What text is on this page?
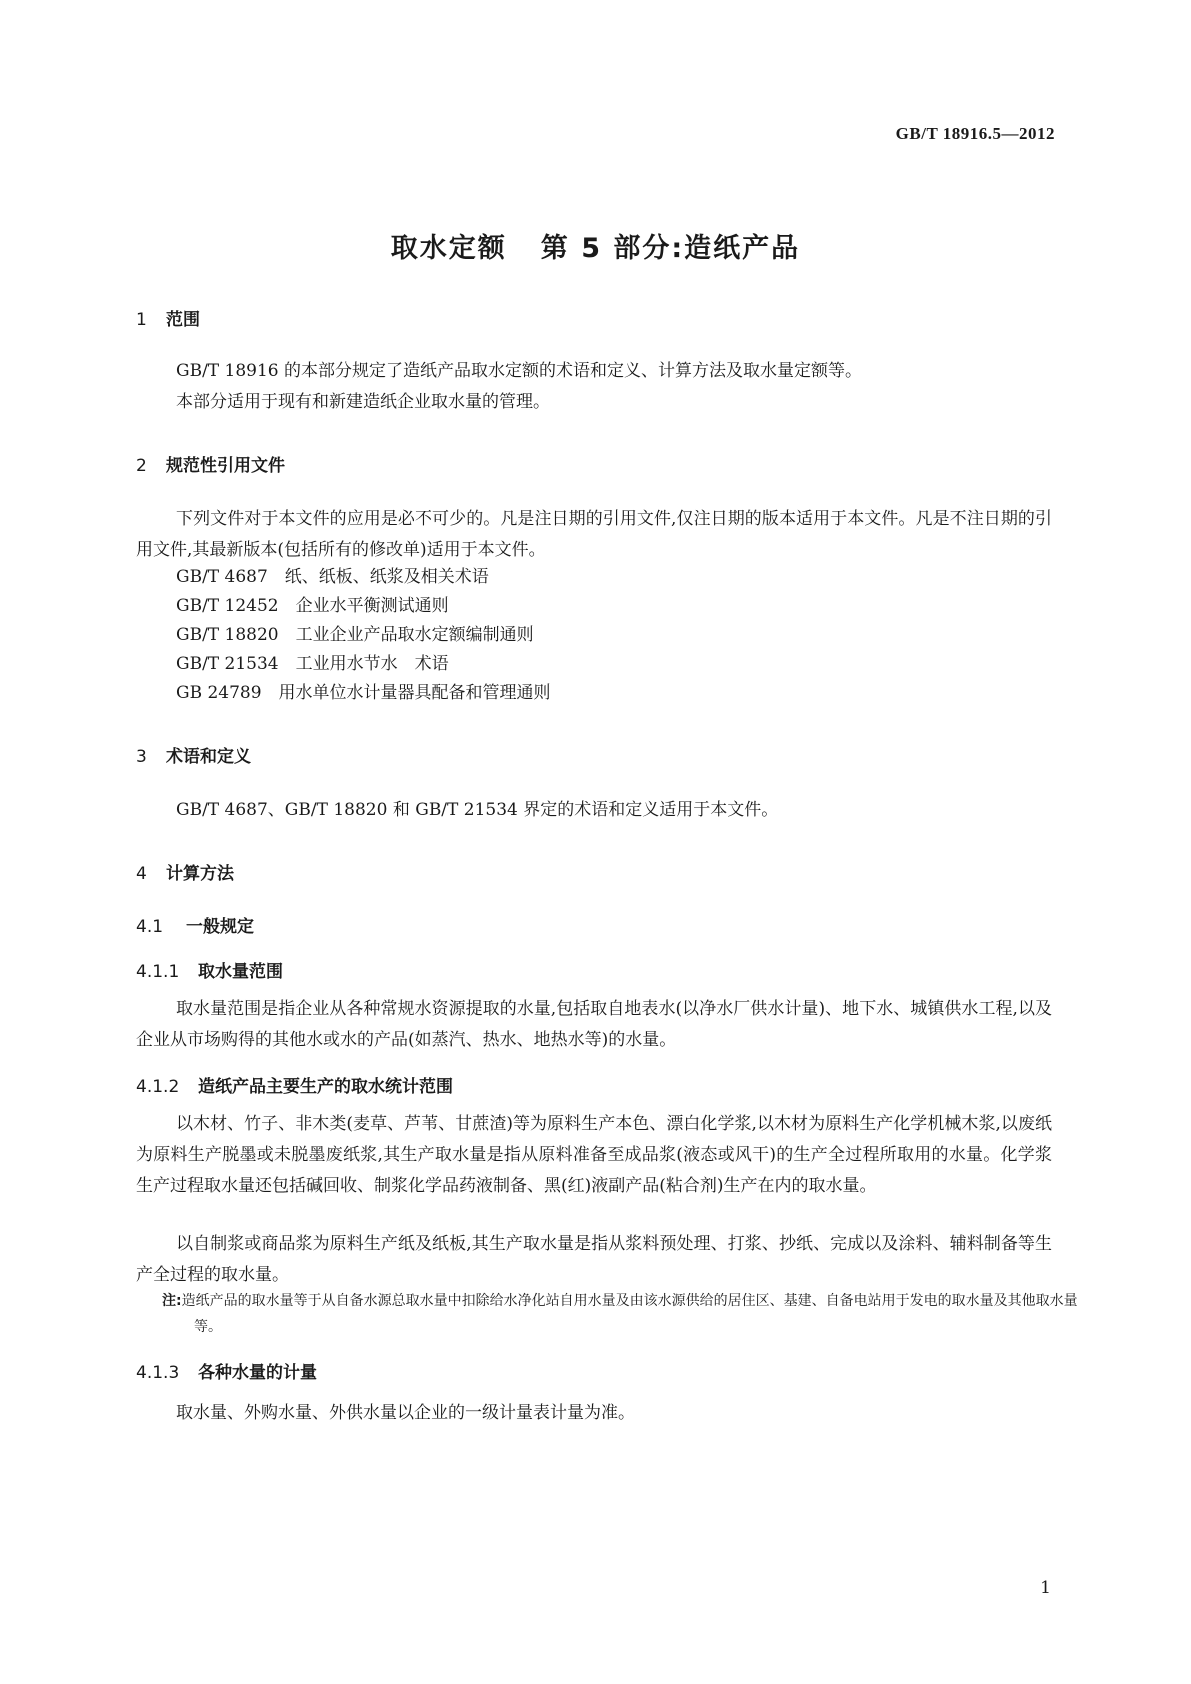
GB/T 18916.5—2012
取水定额 第 5 部分:造纸产品
1 范围

GB/T 18916 的本部分规定了造纸产品取水定额的术语和定义、计算方法及取水量定额等。

本部分适用于现有和新建造纸企业取水量的管理。

2 规范性引用文件

下列文件对于本文件的应用是必不可少的。凡是注日期的引用文件,仅注日期的版本适用于本文件。凡是不注日期的引用文件,其最新版本(包括所有的修改单)适用于本文件。

GB/T 4687　纸、纸板、纸浆及相关术语
GB/T 12452　企业水平衡测试通则
GB/T 18820　工业企业产品取水定额编制通则
GB/T 21534　工业用水节水　术语
GB 24789　用水单位水计量器具配备和管理通则
3 术语和定义

GB/T 4687、GB/T 18820 和 GB/T 21534 界定的术语和定义适用于本文件。

4 计算方法
4.1 一般规定
4.1.1 取水量范围

取水量范围是指企业从各种常规水资源提取的水量,包括取自地表水(以净水厂供水计量)、地下水、城镇供水工程,以及企业从市场购得的其他水或水的产品(如蒸汽、热水、地热水等)的水量。

4.1.2 造纸产品主要生产的取水统计范围

以木材、竹子、非木类(麦草、芦苇、甘蔗渣)等为原料生产本色、漂白化学浆,以木材为原料生产化学机械木浆,以废纸为原料生产脱墨或未脱墨废纸浆,其生产取水量是指从原料准备至成品浆(液态或风干)的生产全过程所取用的水量。化学浆生产过程取水量还包括碱回收、制浆化学品药液制备、黑(红)液副产品(粘合剂)生产在内的取水量。

以自制浆或商品浆为原料生产纸及纸板,其生产取水量是指从浆料预处理、打浆、抄纸、完成以及涂料、辅料制备等生产全过程的取水量。

注:造纸产品的取水量等于从自备水源总取水量中扣除给水净化站自用水量及由该水源供给的居住区、基建、自备电站用于发电的取水量及其他取水量等。

4.1.3 各种水量的计量

取水量、外购水量、外供水量以企业的一级计量表计量为准。

1
